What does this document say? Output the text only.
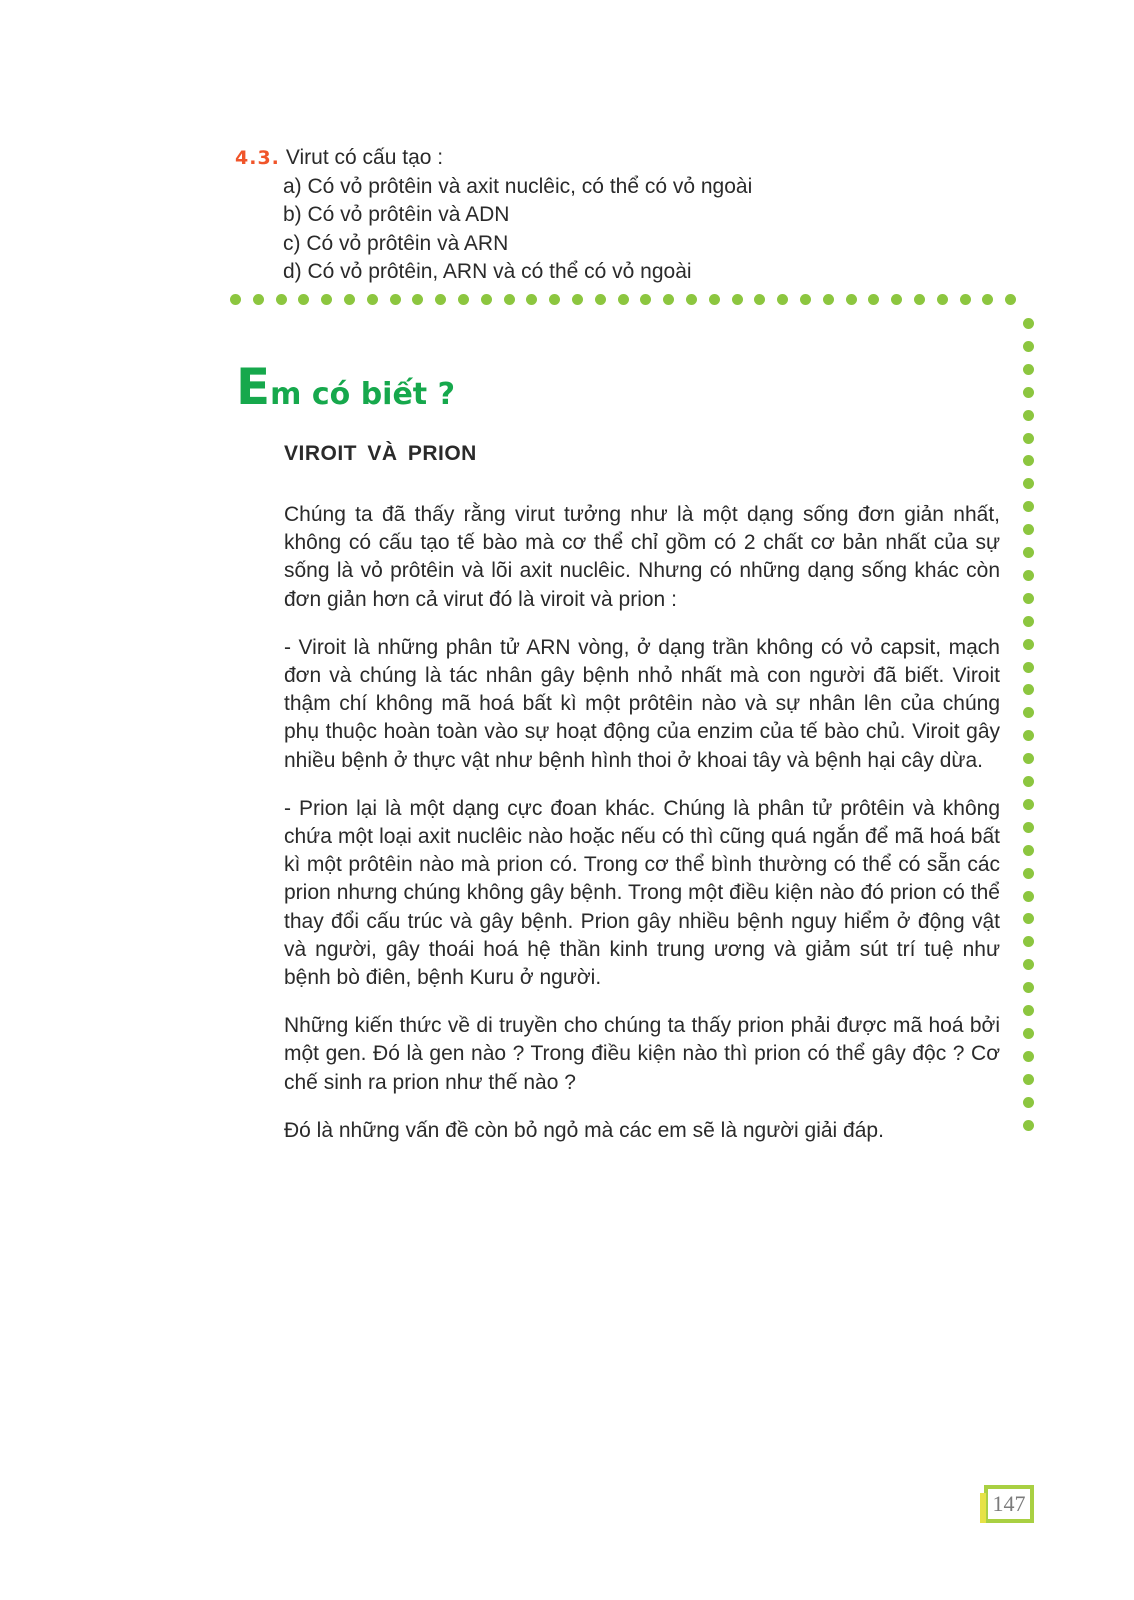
4.3. Virut có cấu tạo :
a) Có vỏ prôtêin và axit nuclêic, có thể có vỏ ngoài
b) Có vỏ prôtêin và ADN
c) Có vỏ prôtêin và ARN
d) Có vỏ prôtêin, ARN và có thể có vỏ ngoài
Em có biết ?
VIROIT VÀ PRION

Chúng ta đã thấy rằng virut tưởng như là một dạng sống đơn giản nhất, không có cấu tạo tế bào mà cơ thể chỉ gồm có 2 chất cơ bản nhất của sự sống là vỏ prôtêin và lõi axit nuclêic. Nhưng có những dạng sống khác còn đơn giản hơn cả virut đó là viroit và prion :

- Viroit là những phân tử ARN vòng, ở dạng trần không có vỏ capsit, mạch đơn và chúng là tác nhân gây bệnh nhỏ nhất mà con người đã biết. Viroit thậm chí không mã hoá bất kì một prôtêin nào và sự nhân lên của chúng phụ thuộc hoàn toàn vào sự hoạt động của enzim của tế bào chủ. Viroit gây nhiều bệnh ở thực vật như bệnh hình thoi ở khoai tây và bệnh hại cây dừa.

- Prion lại là một dạng cực đoan khác. Chúng là phân tử prôtêin và không chứa một loại axit nuclêic nào hoặc nếu có thì cũng quá ngắn để mã hoá bất kì một prôtêin nào mà prion có. Trong cơ thể bình thường có thể có sẵn các prion nhưng chúng không gây bệnh. Trong một điều kiện nào đó prion có thể thay đổi cấu trúc và gây bệnh. Prion gây nhiều bệnh nguy hiểm ở động vật và người, gây thoái hoá hệ thần kinh trung ương và giảm sút trí tuệ như bệnh bò điên, bệnh Kuru ở người.

Những kiến thức về di truyền cho chúng ta thấy prion phải được mã hoá bởi một gen. Đó là gen nào ? Trong điều kiện nào thì prion có thể gây độc ? Cơ chế sinh ra prion như thế nào ?

Đó là những vấn đề còn bỏ ngỏ mà các em sẽ là người giải đáp.

147
